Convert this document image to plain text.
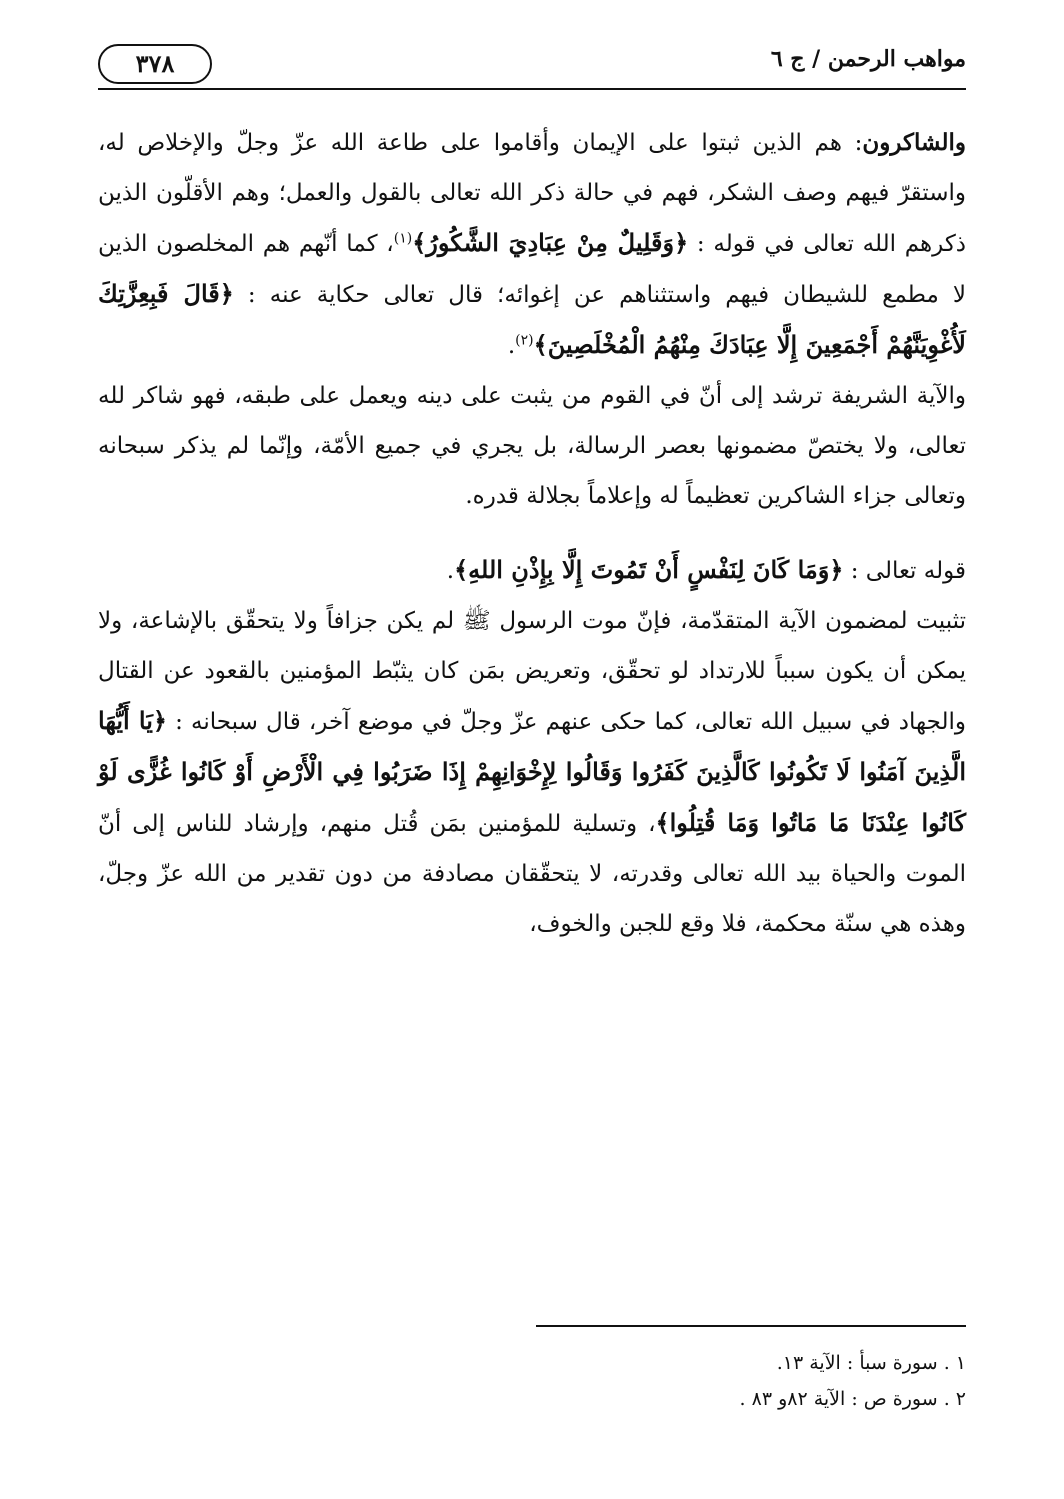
مواهب الرحمن / ج ٦
٣٧٨

والشاكرون: هم الذين ثبتوا على الإيمان وأقاموا على طاعة الله عزّ وجلّ والإخلاص له، واستقرّ فيهم وصف الشكر، فهم في حالة ذكر الله تعالى بالقول والعمل؛ وهم الأقلّون الذين ذكرهم الله تعالى في قوله : ﴿وَقَلِيلٌ مِنْ عِبَادِيَ الشَّكُورُ﴾$^{(١)}$، كما أنّهم هم المخلصون الذين لا مطمع للشيطان فيهم واستثناهم عن إغوائه؛ قال تعالى حكاية عنه : ﴿قَالَ فَبِعِزَّتِكَ لَأُغْوِيَنَّهُمْ أَجْمَعِينَ إِلَّا عِبَادَكَ مِنْهُمُ الْمُخْلَصِينَ﴾$^{(٢)}$.

والآية الشريفة ترشد إلى أنّ في القوم من يثبت على دينه ويعمل على طبقه، فهو شاكر لله تعالى، ولا يختصّ مضمونها بعصر الرسالة، بل يجري في جميع الأمّة، وإنّما لم يذكر سبحانه وتعالى جزاء الشاكرين تعظيماً له وإعلاماً بجلالة قدره.

قوله تعالى : ﴿وَمَا كَانَ لِنَفْسٍ أَنْ تَمُوتَ إِلَّا بِإِذْنِ اللهِ﴾.

تثبيت لمضمون الآية المتقدّمة، فإنّ موت الرسول ﷺ لم يكن جزافاً ولا يتحقّق بالإشاعة، ولا يمكن أن يكون سبباً للارتداد لو تحقّق، وتعريض بمَن كان يثبّط المؤمنين بالقعود عن القتال والجهاد في سبيل الله تعالى، كما حكى عنهم عزّ وجلّ في موضع آخر، قال سبحانه : ﴿يَا أَيُّهَا الَّذِينَ آمَنُوا لَا تَكُونُوا كَالَّذِينَ كَفَرُوا وَقَالُوا لِإِخْوَانِهِمْ إِذَا ضَرَبُوا فِي الْأَرْضِ أَوْ كَانُوا غُزًّى لَوْ كَانُوا عِنْدَنَا مَا مَاتُوا وَمَا قُتِلُوا﴾، وتسلية للمؤمنين بمَن قُتل منهم، وإرشاد للناس إلى أنّ الموت والحياة بيد الله تعالى وقدرته، لا يتحقّقان مصادفة من دون تقدير من الله عزّ وجلّ، وهذه هي سنّة محكمة، فلا وقع للجبن والخوف،

١ . سورة سبأ : الآية ١٣.

٢ . سورة ص : الآية ٨٢و ٨٣ .
